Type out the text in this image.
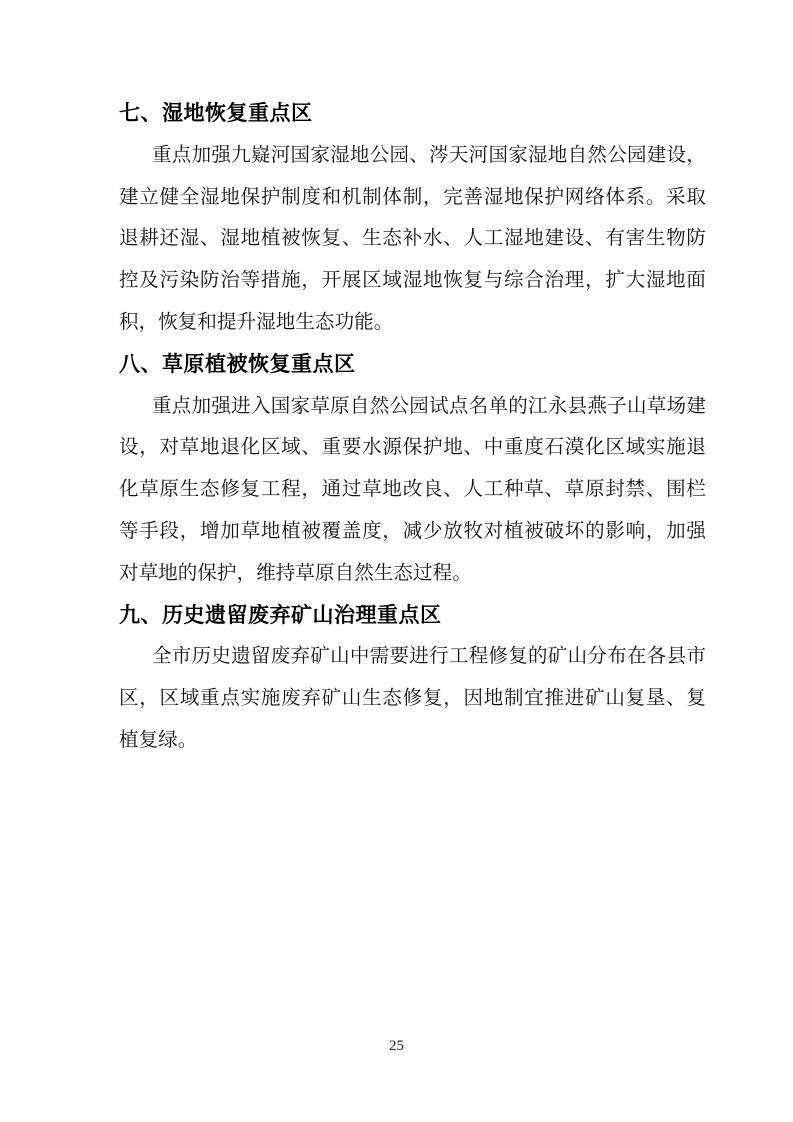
七、湿地恢复重点区

重点加强九嶷河国家湿地公园、涔天河国家湿地自然公园建设，建立健全湿地保护制度和机制体制，完善湿地保护网络体系。采取退耕还湿、湿地植被恢复、生态补水、人工湿地建设、有害生物防控及污染防治等措施，开展区域湿地恢复与综合治理，扩大湿地面积，恢复和提升湿地生态功能。

八、草原植被恢复重点区

重点加强进入国家草原自然公园试点名单的江永县燕子山草场建设，对草地退化区域、重要水源保护地、中重度石漠化区域实施退化草原生态修复工程，通过草地改良、人工种草、草原封禁、围栏等手段，增加草地植被覆盖度，减少放牧对植被破坏的影响，加强对草地的保护，维持草原自然生态过程。

九、历史遗留废弃矿山治理重点区

全市历史遗留废弃矿山中需要进行工程修复的矿山分布在各县市区，区域重点实施废弃矿山生态修复，因地制宜推进矿山复垦、复植复绿。

25
